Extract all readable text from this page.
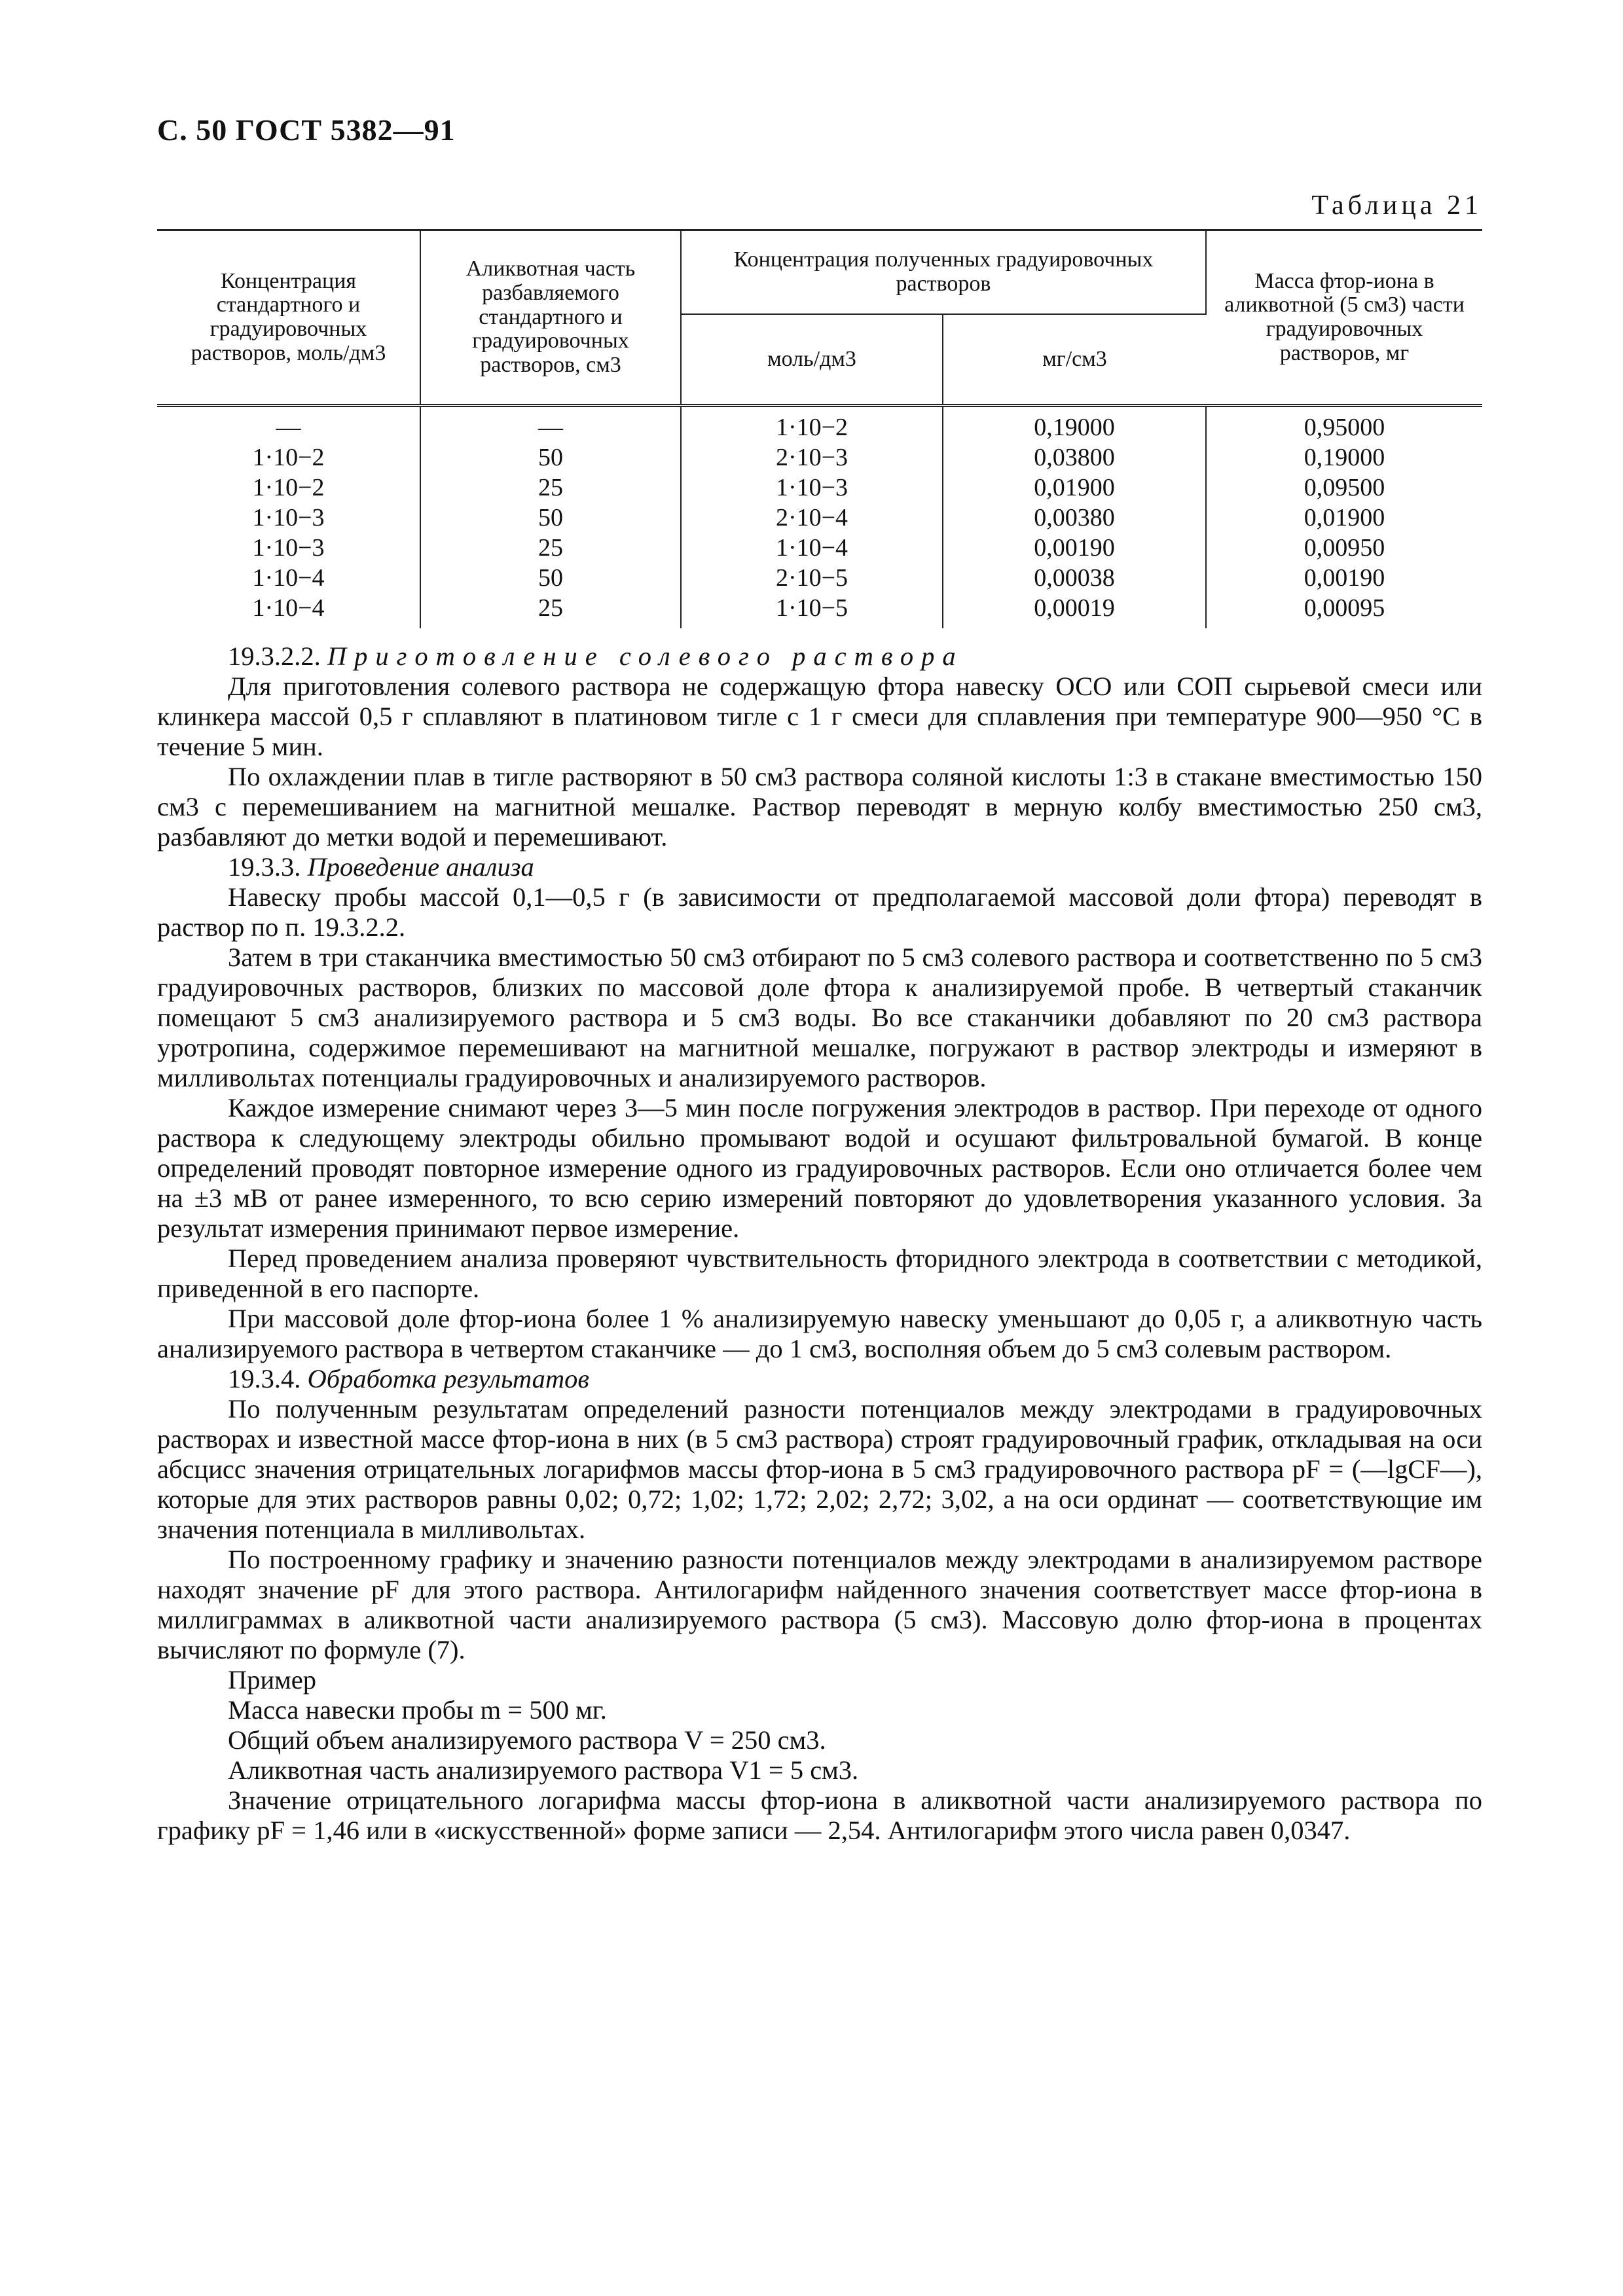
С. 50 ГОСТ 5382—91
Таблица 21
Концентрация стандартного и градуировочных растворов, моль/дм3	Аликвотная часть разбавляемого стандартного и градуировочных растворов, см3	Концентрация полученных градуировочных растворов		Масса фтор-иона в аликвотной (5 см3) части градуировочных растворов, мг
		моль/дм3	мг/см3	
—	—	1·10−2	0,19000	0,95000
1·10−2	50	2·10−3	0,03800	0,19000
1·10−2	25	1·10−3	0,01900	0,09500
1·10−3	50	2·10−4	0,00380	0,01900
1·10−3	25	1·10−4	0,00190	0,00950
1·10−4	50	2·10−5	0,00038	0,00190
1·10−4	25	1·10−5	0,00019	0,00095

19.3.2.2. Приготовление солевого раствора

Для приготовления солевого раствора не содержащую фтора навеску ОСО или СОП сырьевой смеси или клинкера массой 0,5 г сплавляют в платиновом тигле с 1 г смеси для сплавления при температуре 900—950 °С в течение 5 мин.

По охлаждении плав в тигле растворяют в 50 см3 раствора соляной кислоты 1:3 в стакане вместимостью 150 см3 с перемешиванием на магнитной мешалке. Раствор переводят в мерную колбу вместимостью 250 см3, разбавляют до метки водой и перемешивают.

19.3.3. Проведение анализа

Навеску пробы массой 0,1—0,5 г (в зависимости от предполагаемой массовой доли фтора) переводят в раствор по п. 19.3.2.2.

Затем в три стаканчика вместимостью 50 см3 отбирают по 5 см3 солевого раствора и соответственно по 5 см3 градуировочных растворов, близких по массовой доле фтора к анализируемой пробе. В четвертый стаканчик помещают 5 см3 анализируемого раствора и 5 см3 воды. Во все стаканчики добавляют по 20 см3 раствора уротропина, содержимое перемешивают на магнитной мешалке, погружают в раствор электроды и измеряют в милливольтах потенциалы градуировочных и анализируемого растворов.

Каждое измерение снимают через 3—5 мин после погружения электродов в раствор. При переходе от одного раствора к следующему электроды обильно промывают водой и осушают фильтровальной бумагой. В конце определений проводят повторное измерение одного из градуировочных растворов. Если оно отличается более чем на ±3 мВ от ранее измеренного, то всю серию измерений повторяют до удовлетворения указанного условия. За результат измерения принимают первое измерение.

Перед проведением анализа проверяют чувствительность фторидного электрода в соответствии с методикой, приведенной в его паспорте.

При массовой доле фтор-иона более 1 % анализируемую навеску уменьшают до 0,05 г, а аликвотную часть анализируемого раствора в четвертом стаканчике — до 1 см3, восполняя объем до 5 см3 солевым раствором.

19.3.4. Обработка результатов

По полученным результатам определений разности потенциалов между электродами в градуировочных растворах и известной массе фтор-иона в них (в 5 см3 раствора) строят градуировочный график, откладывая на оси абсцисс значения отрицательных логарифмов массы фтор-иона в 5 см3 градуировочного раствора pF = (—lgCF—), которые для этих растворов равны 0,02; 0,72; 1,02; 1,72; 2,02; 2,72; 3,02, а на оси ординат — соответствующие им значения потенциала в милливольтах.

По построенному графику и значению разности потенциалов между электродами в анализируемом растворе находят значение pF для этого раствора. Антилогарифм найденного значения соответствует массе фтор-иона в миллиграммах в аликвотной части анализируемого раствора (5 см3). Массовую долю фтор-иона в процентах вычисляют по формуле (7).

Пример

Масса навески пробы m = 500 мг.

Общий объем анализируемого раствора V = 250 см3.

Аликвотная часть анализируемого раствора V1 = 5 см3.

Значение отрицательного логарифма массы фтор-иона в аликвотной части анализируемого раствора по графику pF = 1,46 или в «искусственной» форме записи — 2,54. Антилогарифм этого числа равен 0,0347.
